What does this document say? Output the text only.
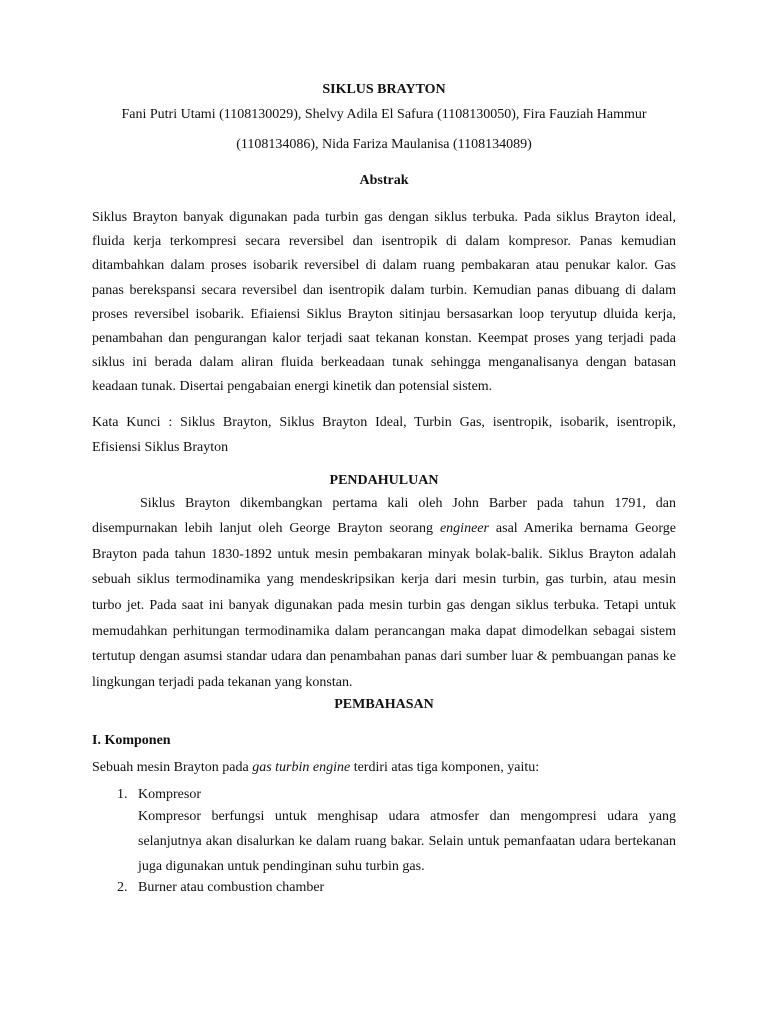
SIKLUS BRAYTON
Fani Putri Utami (1108130029), Shelvy Adila El Safura (1108130050), Fira Fauziah Hammur (1108134086), Nida Fariza Maulanisa (1108134089)
Abstrak
Siklus Brayton banyak digunakan pada turbin gas dengan siklus terbuka. Pada siklus Brayton ideal, fluida kerja terkompresi secara reversibel dan isentropik di dalam kompresor. Panas kemudian ditambahkan dalam proses isobarik reversibel di dalam ruang pembakaran atau penukar kalor. Gas panas berekspansi secara reversibel dan isentropik dalam turbin. Kemudian panas dibuang di dalam proses reversibel isobarik. Efiaiensi Siklus Brayton sitinjau bersasarkan loop teryutup dluida kerja, penambahan dan pengurangan kalor terjadi saat tekanan konstan. Keempat proses yang terjadi pada siklus ini berada dalam aliran fluida berkeadaan tunak sehingga menganalisanya dengan batasan keadaan tunak. Disertai pengabaian energi kinetik dan potensial sistem.
Kata Kunci : Siklus Brayton, Siklus Brayton Ideal, Turbin Gas, isentropik, isobarik, isentropik, Efisiensi Siklus Brayton
PENDAHULUAN
Siklus Brayton dikembangkan pertama kali oleh John Barber pada tahun 1791, dan disempurnakan lebih lanjut oleh George Brayton seorang engineer asal Amerika bernama George Brayton pada tahun 1830-1892 untuk mesin pembakaran minyak bolak-balik. Siklus Brayton adalah sebuah siklus termodinamika yang mendeskripsikan kerja dari mesin turbin, gas turbin, atau mesin turbo jet. Pada saat ini banyak digunakan pada mesin turbin gas dengan siklus terbuka. Tetapi untuk memudahkan perhitungan termodinamika dalam perancangan maka dapat dimodelkan sebagai sistem tertutup dengan asumsi standar udara dan penambahan panas dari sumber luar & pembuangan panas ke lingkungan terjadi pada tekanan yang konstan.
PEMBAHASAN
I. Komponen
Sebuah mesin Brayton pada gas turbin engine terdiri atas tiga komponen, yaitu:
1. Kompresor
Kompresor berfungsi untuk menghisap udara atmosfer dan mengompresi udara yang selanjutnya akan disalurkan ke dalam ruang bakar. Selain untuk pemanfaatan udara bertekanan juga digunakan untuk pendinginan suhu turbin gas.
2. Burner atau combustion chamber
